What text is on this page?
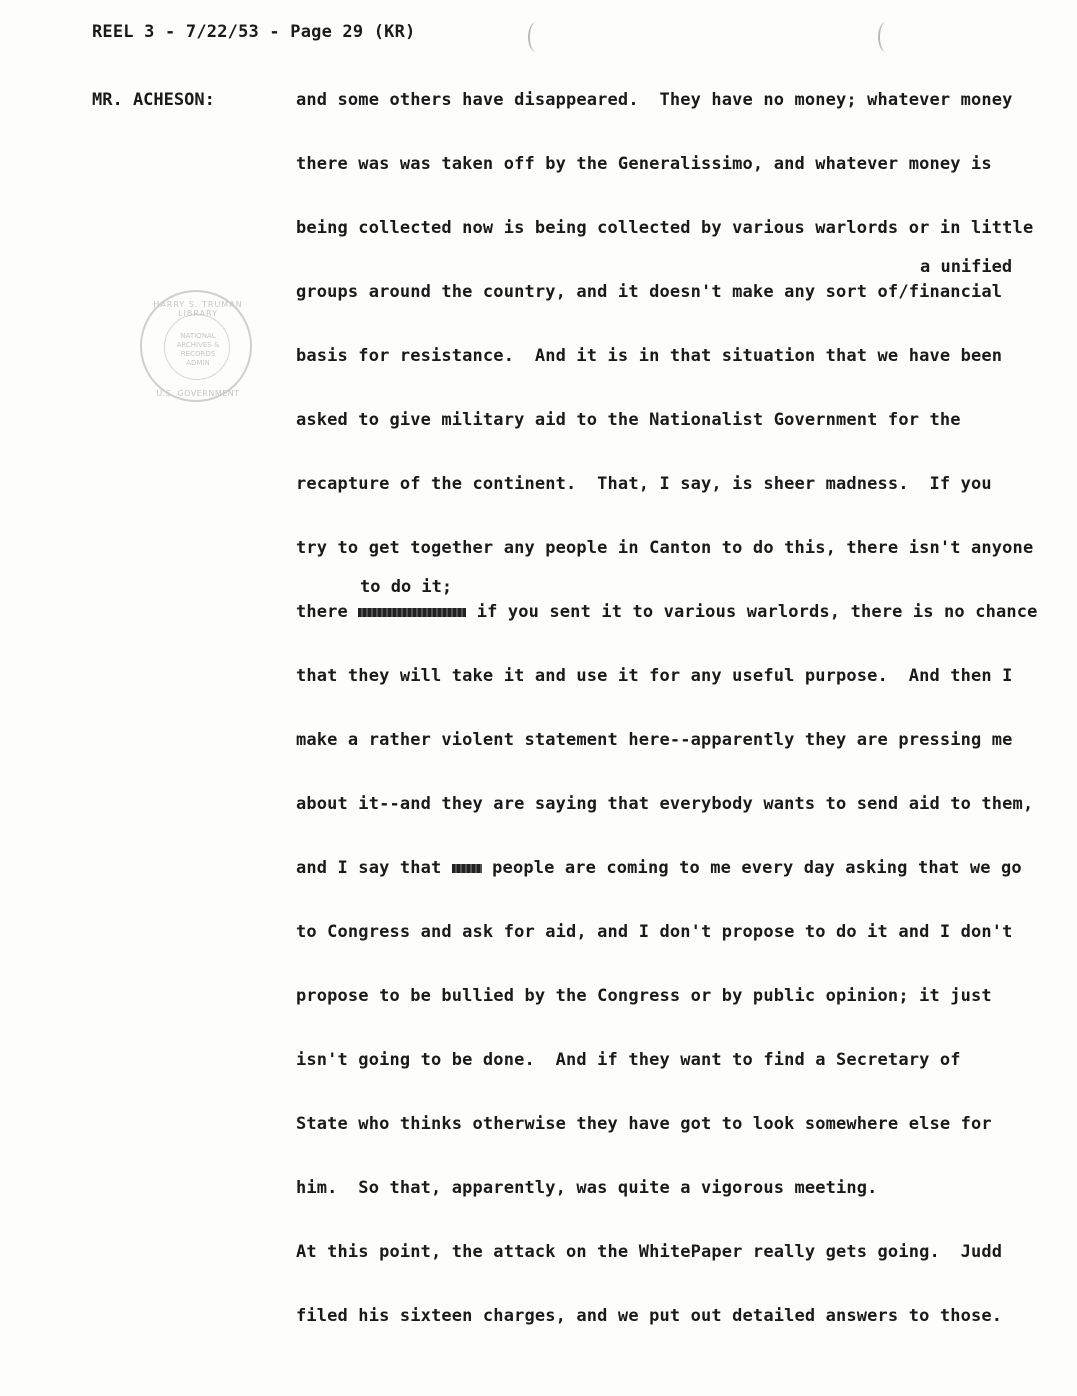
REEL 3 - 7/22/53 - Page 29 (KR)
MR. ACHESON:
HARRY S. TRUMAN LIBRARY
NATIONAL
ARCHIVES &
RECORDS
ADMIN
U.S. GOVERNMENT
a unified
to do it;
and some others have disappeared.  They have no money; whatever money
there was was taken off by the Generalissimo, and whatever money is
being collected now is being collected by various warlords or in little
groups around the country, and it doesn't make any sort of/financial
basis for resistance.  And it is in that situation that we have been
asked to give military aid to the Nationalist Government for the
recapture of the continent.  That, I say, is sheer madness.  If you
try to get together any people in Canton to do this, there isn't anyone
there	if you sent it to various warlords, there is no chance
that they will take it and use it for any useful purpose.  And then I
make a rather violent statement here--apparently they are pressing me
about it--and they are saying that everybody wants to send aid to them,
and I say that	people are coming to me every day asking that we go
to Congress and ask for aid, and I don't propose to do it and I don't
propose to be bullied by the Congress or by public opinion; it just
isn't going to be done.  And if they want to find a Secretary of
State who thinks otherwise they have got to look somewhere else for
him.  So that, apparently, was quite a vigorous meeting.
At this point, the attack on the WhitePaper really gets going.  Judd
filed his sixteen charges, and we put out detailed answers to those.
